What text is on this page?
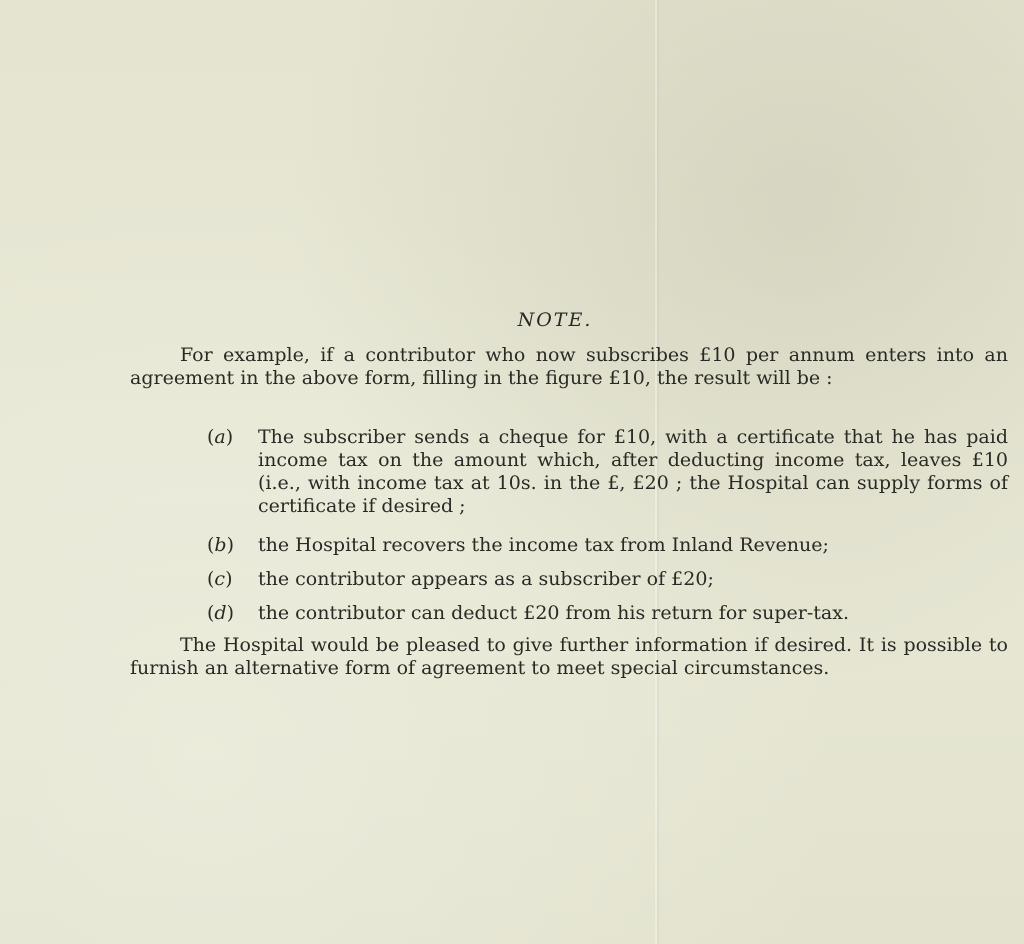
NOTE.

For example, if a contributor who now subscribes £10 per annum enters into an agreement in the above form, filling in the figure £10, the result will be :

(a) The subscriber sends a cheque for £10, with a certificate that he has paid income tax on the amount which, after deducting income tax, leaves £10 (i.e., with income tax at 10s. in the £, £20 ; the Hospital can supply forms of certificate if desired ;
(b) the Hospital recovers the income tax from Inland Revenue;
(c) the contributor appears as a subscriber of £20;
(d) the contributor can deduct £20 from his return for super-tax.

The Hospital would be pleased to give further information if desired. It is possible to furnish an alternative form of agreement to meet special circumstances.
